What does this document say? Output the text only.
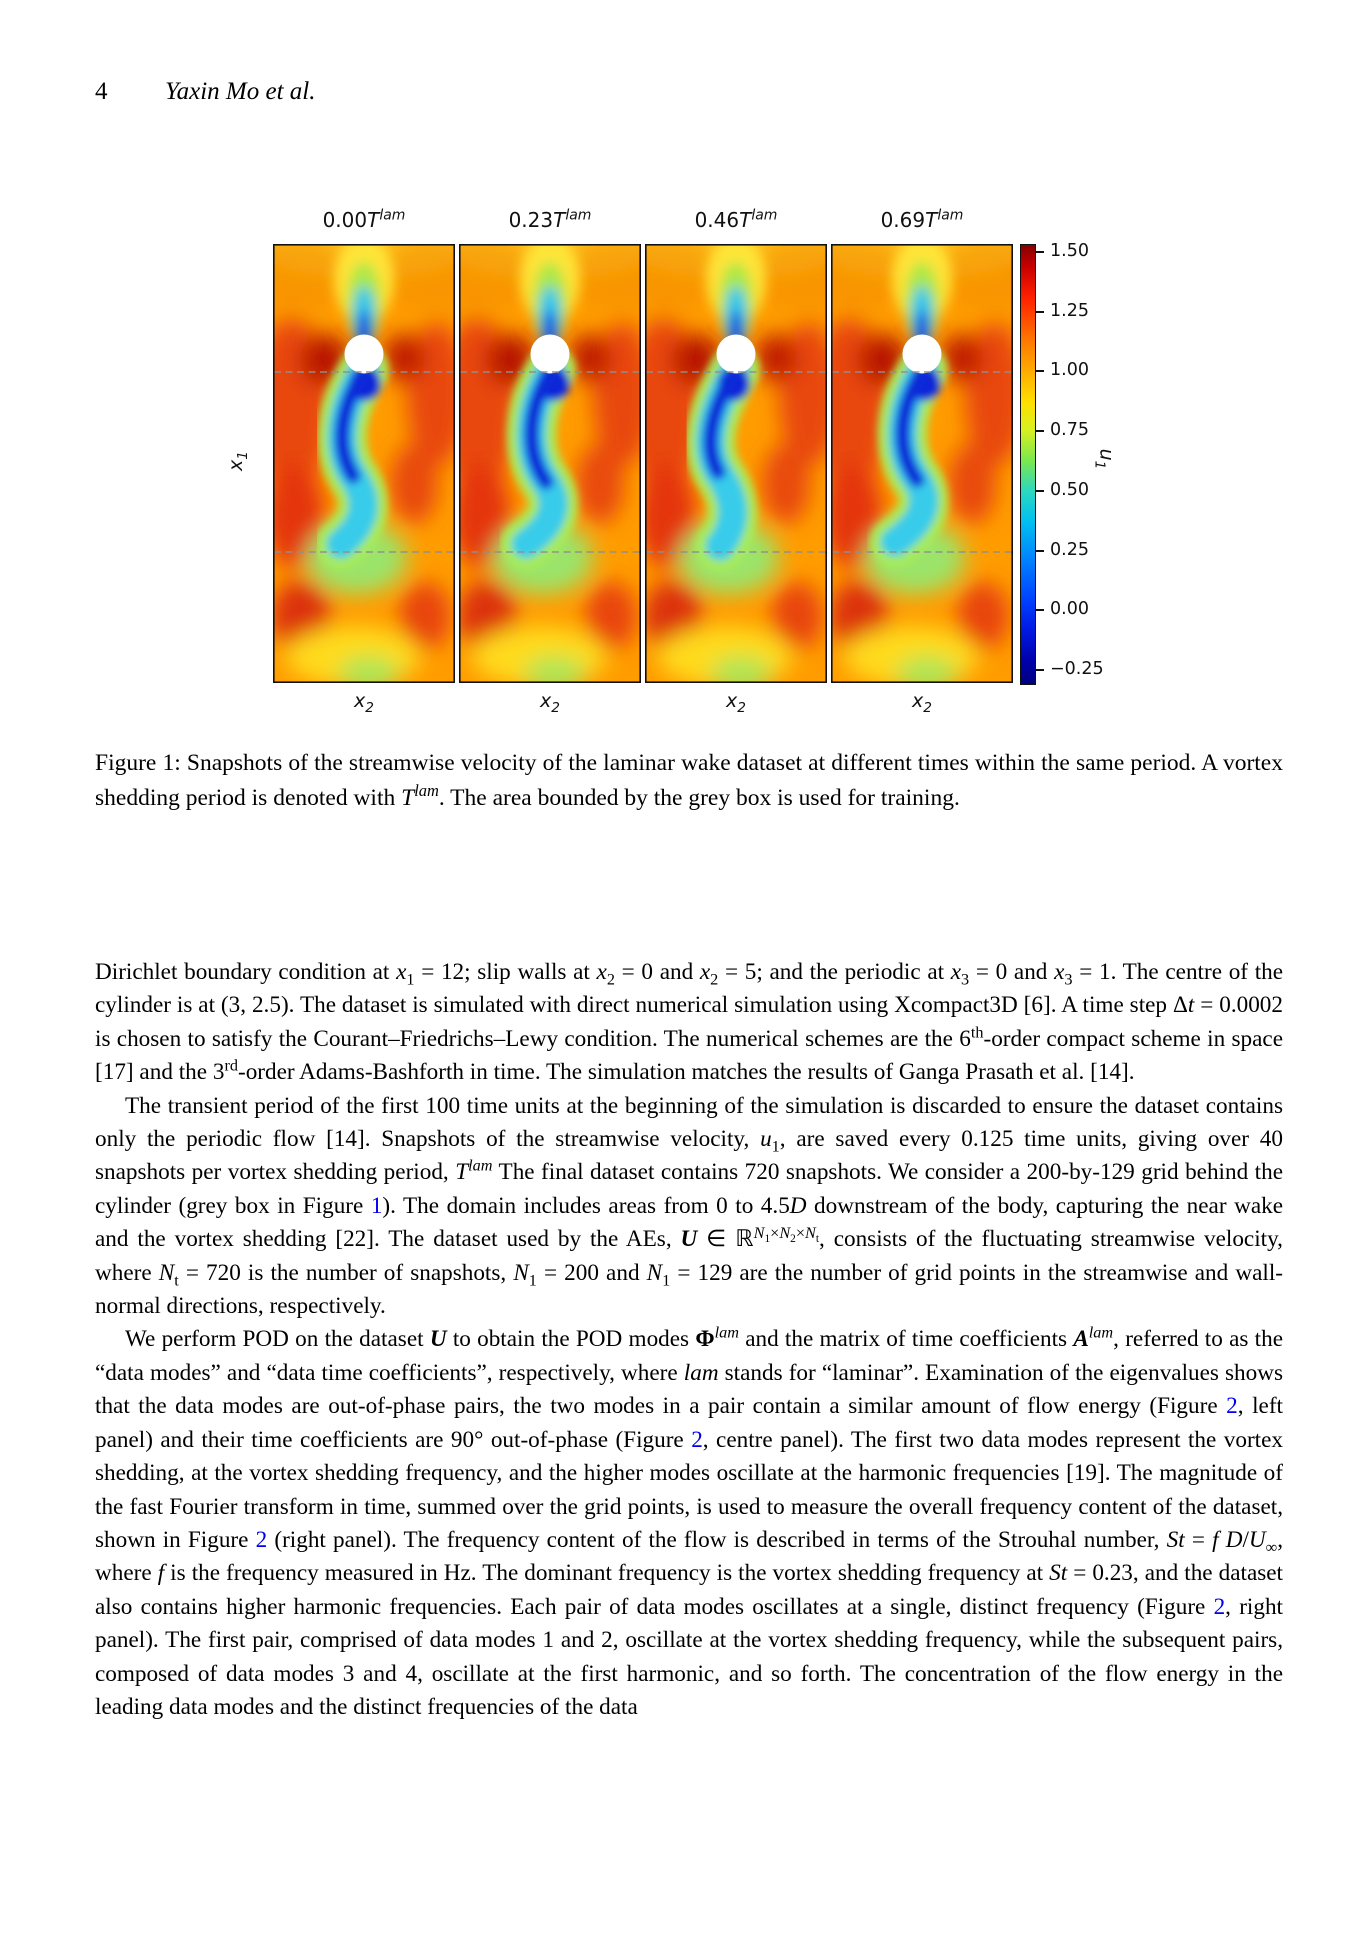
4 Yaxin Mo et al.
$0.00T^{lam}$	$0.23T^{lam}$	$0.46T^{lam}$	$0.69T^{lam}$
$x_1$
$x_2$	$x_2$	$x_2$	$x_2$
1.50
1.25
1.00
0.75
0.50
0.25
0.00
−0.25
$u_1$
Figure 1: Snapshots of the streamwise velocity of the laminar wake dataset at different times within the same period. A vortex shedding period is denoted with $T^{lam}$. The area bounded by the grey box is used for training.

Dirichlet boundary condition at $x_1 = 12$; slip walls at $x_2 = 0$ and $x_2 = 5$; and the periodic at $x_3 = 0$ and $x_3 = 1$. The centre of the cylinder is at (3, 2.5). The dataset is simulated with direct numerical simulation using Xcompact3D [6]. A time step Δt = 0.0002 is chosen to satisfy the Courant–Friedrichs–Lewy condition. The numerical schemes are the 6th-order compact scheme in space [17] and the 3rd-order Adams-Bashforth in time. The simulation matches the results of Ganga Prasath et al. [14].

The transient period of the first 100 time units at the beginning of the simulation is discarded to ensure the dataset contains only the periodic flow [14]. Snapshots of the streamwise velocity, $u_1$, are saved every 0.125 time units, giving over 40 snapshots per vortex shedding period, $T^{lam}$ The final dataset contains 720 snapshots. We consider a 200-by-129 grid behind the cylinder (grey box in Figure 1). The domain includes areas from 0 to 4.5D downstream of the body, capturing the near wake and the vortex shedding [22]. The dataset used by the AEs, U ∈ ℝ$^{N_1\times N_2\times N_t}$, consists of the fluctuating streamwise velocity, where $N_t = 720$ is the number of snapshots, $N_1 = 200$ and $N_1 = 129$ are the number of grid points in the streamwise and wall-normal directions, respectively.

We perform POD on the dataset U to obtain the POD modes $\Phi^{lam}$ and the matrix of time coefficients $A^{lam}$, referred to as the “data modes” and “data time coefficients”, respectively, where lam stands for “laminar”. Examination of the eigenvalues shows that the data modes are out-of-phase pairs, the two modes in a pair contain a similar amount of flow energy (Figure 2, left panel) and their time coefficients are 90° out-of-phase (Figure 2, centre panel). The first two data modes represent the vortex shedding, at the vortex shedding frequency, and the higher modes oscillate at the harmonic frequencies [19]. The magnitude of the fast Fourier transform in time, summed over the grid points, is used to measure the overall frequency content of the dataset, shown in Figure 2 (right panel). The frequency content of the flow is described in terms of the Strouhal number, St = f $D/U_\infty$, where f is the frequency measured in Hz. The dominant frequency is the vortex shedding frequency at St = 0.23, and the dataset also contains higher harmonic frequencies. Each pair of data modes oscillates at a single, distinct frequency (Figure 2, right panel). The first pair, comprised of data modes 1 and 2, oscillate at the vortex shedding frequency, while the subsequent pairs, composed of data modes 3 and 4, oscillate at the first harmonic, and so forth. The concentration of the flow energy in the leading data modes and the distinct frequencies of the data
